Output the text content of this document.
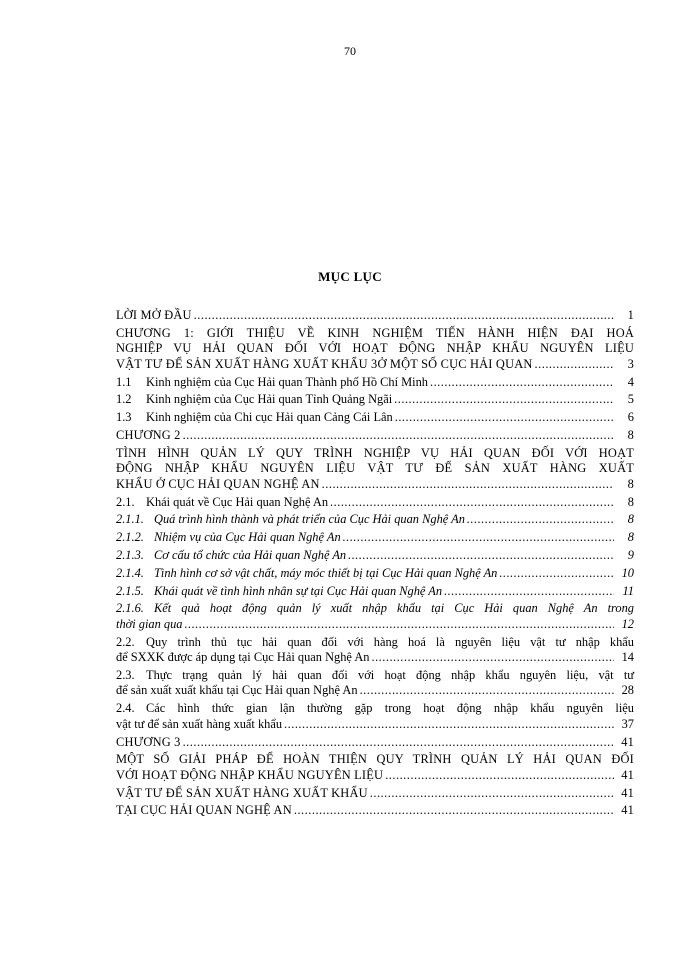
70
MỤC LỤC
LỜI MỞ ĐẦU .....	1
CHƯƠNG 1: GIỚI THIỆU VỀ KINH NGHIỆM TIẾN HÀNH HIỆN ĐẠI HOÁ
NGHIỆP VỤ HẢI QUAN ĐỐI VỚI HOẠT ĐỘNG NHẬP KHẨU NGUYÊN LIỆU
VẬT TƯ ĐỂ SẢN XUẤT HÀNG XUẤT KHẨU 3Ở MỘT SỐ CỤC HẢI QUAN .....	3
1.1	Kinh nghiệm của Cục Hải quan Thành phố Hồ Chí Minh .....	4
1.2	Kinh nghiệm của Cục Hải quan Tỉnh Quảng Ngãi .....	5
1.3	Kinh nghiệm của Chi cục Hải quan Cảng Cái Lân .....	6
CHƯƠNG 2 .....	8
TÌNH HÌNH QUẢN LÝ QUY TRÌNH NGHIỆP VỤ HẢI QUAN ĐỐI VỚI HOẠT
ĐỘNG NHẬP KHẨU NGUYÊN LIỆU VẬT TƯ ĐỂ SẢN XUẤT HÀNG XUẤT
KHẨU Ở CỤC HẢI QUAN NGHỆ AN .....	8
2.1. Khái quát về Cục Hải quan Nghệ An .....	8
2.1.1. Quá trình hình thành và phát triển của Cục Hải quan Nghệ An .....	8
2.1.2. Nhiệm vụ của Cục Hải quan Nghệ An .....	8
2.1.3. Cơ cấu tổ chức của Hải quan Nghệ An .....	9
2.1.4. Tình hình cơ sở vật chất, máy móc thiết bị tại Cục Hải quan Nghệ An .....	10
2.1.5. Khái quát về tình hình nhân sự tại Cục Hải quan Nghệ An .....	11
2.1.6. Kết quả hoạt động quản lý xuất nhập khẩu tại Cục Hải quan Nghệ An trong
thời gian qua .....	12
2.2. Quy trình thủ tục hải quan đối với hàng hoá là nguyên liệu vật tư nhập khẩu
để SXXK được áp dụng tại Cục Hải quan Nghệ An .....	14
2.3. Thực trạng quản lý hải quan đối với hoạt động nhập khẩu nguyên liệu, vật tư
để sản xuất xuất khẩu tại Cục Hải quan Nghệ An .....	28
2.4. Các hình thức gian lận thường gặp trong hoạt động nhập khẩu nguyên liệu
vật tư để sản xuất hàng xuất khẩu .....	37
CHƯƠNG 3 .....	41
MỘT SỐ GIẢI PHÁP ĐỂ HOÀN THIỆN QUY TRÌNH QUẢN LÝ HẢI QUAN ĐỐI
VỚI HOẠT ĐỘNG NHẬP KHẨU NGUYÊN LIỆU .....	41
VẬT TƯ ĐỂ SẢN XUẤT HÀNG XUẤT KHẨU .....	41
TẠI CỤC HẢI QUAN NGHỆ AN .....	41
